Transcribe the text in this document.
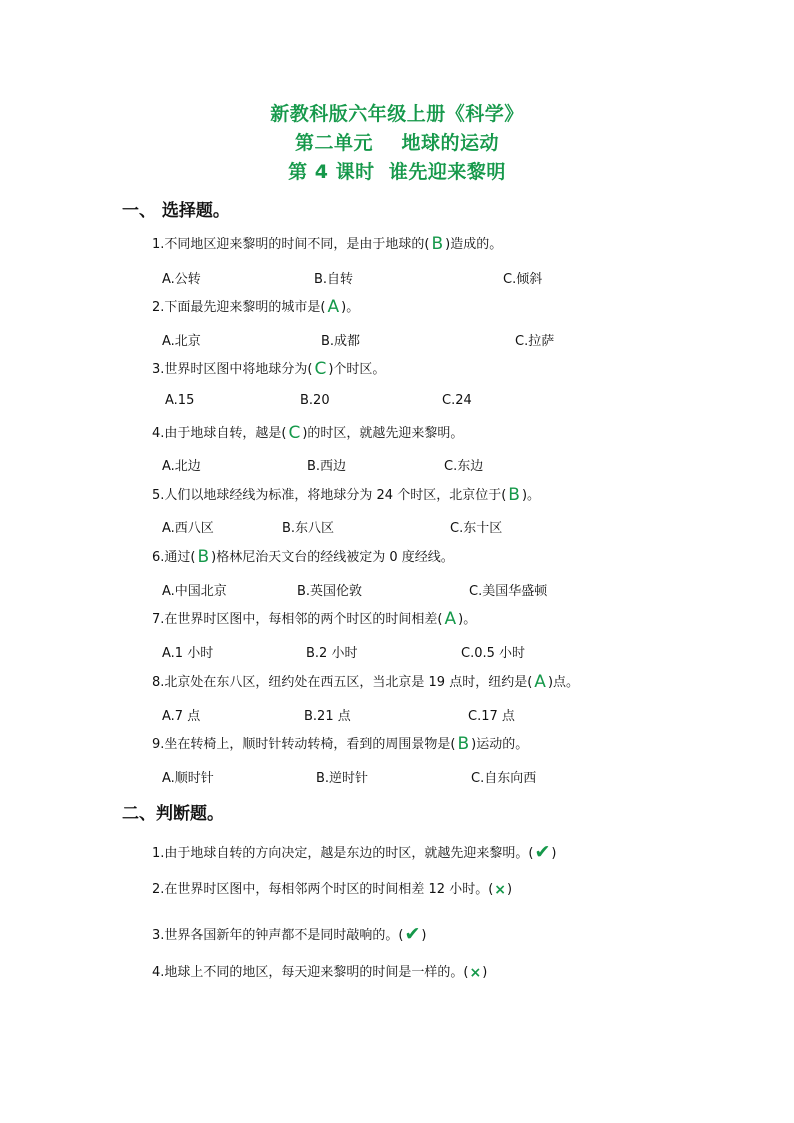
新教科版六年级上册《科学》
第二单元    地球的运动
第 4 课时  谁先迎来黎明
一、 选择题。
1.不同地区迎来黎明的时间不同，是由于地球的( B )造成的。
A.公转	B.自转	C.倾斜
2.下面最先迎来黎明的城市是( A )。
A.北京	B.成都	C.拉萨
3.世界时区图中将地球分为( C )个时区。
A.15	B.20	C.24
4.由于地球自转，越是( C )的时区，就越先迎来黎明。
A.北边	B.西边	C.东边
5.人们以地球经线为标准，将地球分为 24 个时区，北京位于( B )。
A.西八区	B.东八区	C.东十区
6.通过( B )格林尼治天文台的经线被定为 0 度经线。
A.中国北京	B.英国伦敦	C.美国华盛顿
7.在世界时区图中，每相邻的两个时区的时间相差( A )。
A.1 小时	B.2 小时	C.0.5 小时
8.北京处在东八区，纽约处在西五区，当北京是 19 点时，纽约是( A )点。
A.7 点	B.21 点	C.17 点
9.坐在转椅上，顺时针转动转椅，看到的周围景物是( B )运动的。
A.顺时针	B.逆时针	C.自东向西
二、判断题。
1.由于地球自转的方向决定，越是东边的时区，就越先迎来黎明。(✔)
2.在世界时区图中，每相邻两个时区的时间相差 12 小时。(×)
3.世界各国新年的钟声都不是同时敲响的。(✔)
4.地球上不同的地区，每天迎来黎明的时间是一样的。(×)
